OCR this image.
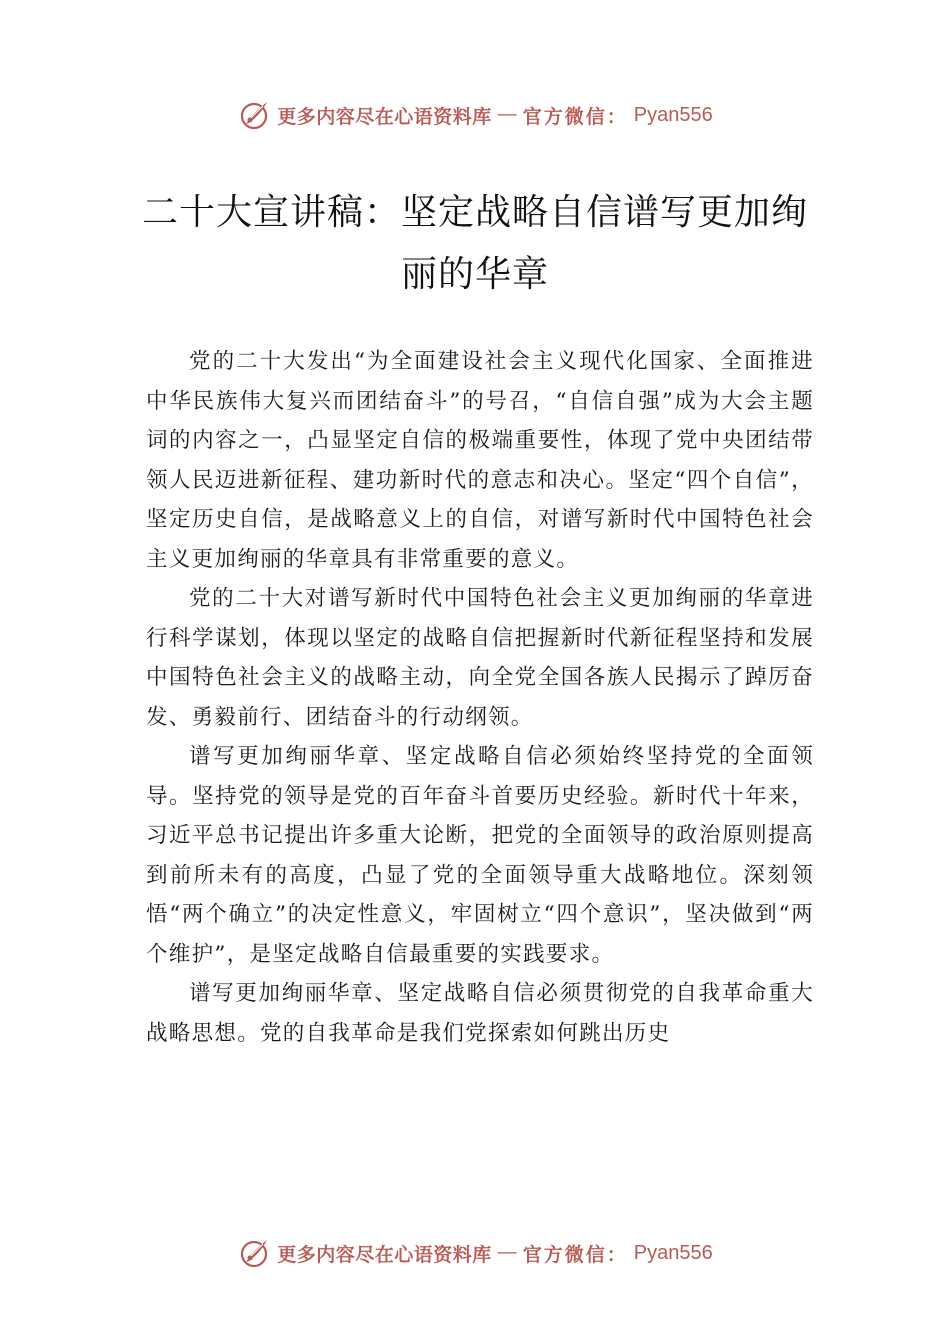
更多内容尽在心语资料库 — 官方微信： Pyan556
二十大宣讲稿：坚定战略自信谱写更加绚
丽的华章

党的二十大发出“为全面建设社会主义现代化国家、全面推进中华民族伟大复兴而团结奋斗”的号召，“自信自强”成为大会主题词的内容之一，凸显坚定自信的极端重要性，体现了党中央团结带领人民迈进新征程、建功新时代的意志和决心。坚定“四个自信”，坚定历史自信，是战略意义上的自信，对谱写新时代中国特色社会主义更加绚丽的华章具有非常重要的意义。

党的二十大对谱写新时代中国特色社会主义更加绚丽的华章进行科学谋划，体现以坚定的战略自信把握新时代新征程坚持和发展中国特色社会主义的战略主动，向全党全国各族人民揭示了踔厉奋发、勇毅前行、团结奋斗的行动纲领。

谱写更加绚丽华章、坚定战略自信必须始终坚持党的全面领导。坚持党的领导是党的百年奋斗首要历史经验。新时代十年来，习近平总书记提出许多重大论断，把党的全面领导的政治原则提高到前所未有的高度，凸显了党的全面领导重大战略地位。深刻领悟“两个确立”的决定性意义，牢固树立“四个意识”，坚决做到“两个维护”，是坚定战略自信最重要的实践要求。

谱写更加绚丽华章、坚定战略自信必须贯彻党的自我革命重大战略思想。党的自我革命是我们党探索如何跳出历史

更多内容尽在心语资料库 — 官方微信： Pyan556
